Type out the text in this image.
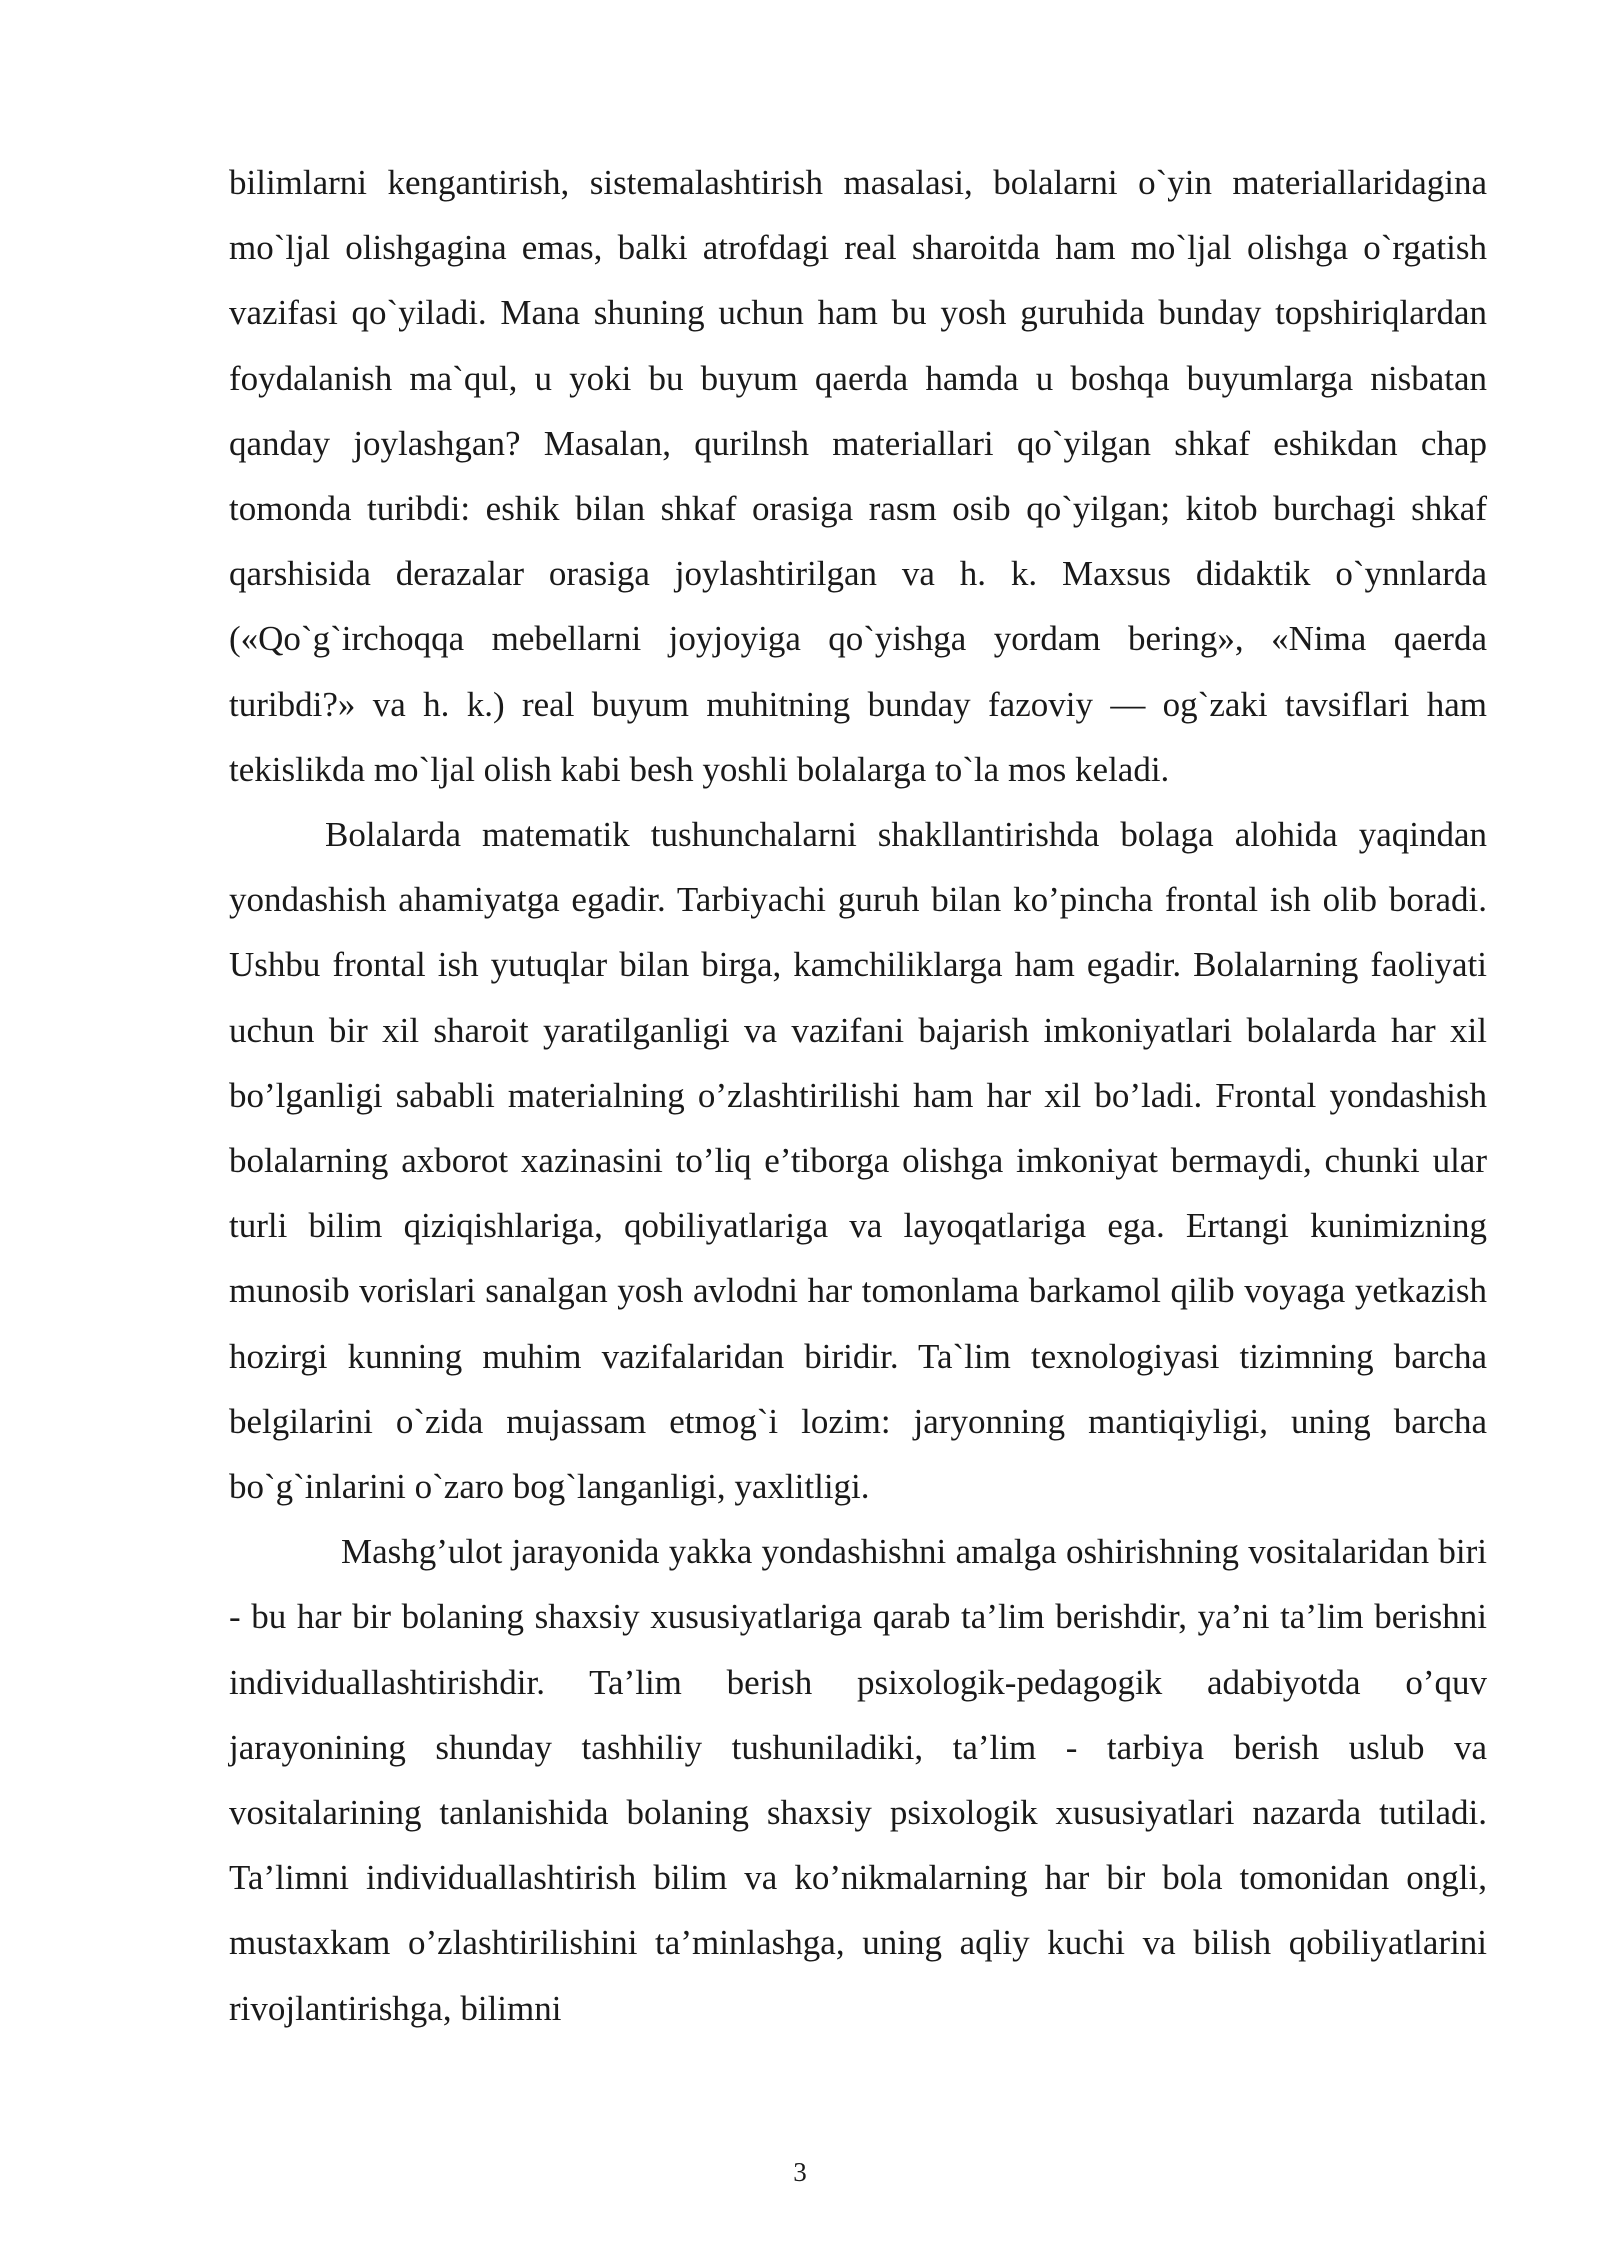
bilimlarni kengantirish, sistemalashtirish masalasi, bolalarni o`yin materiallaridagina mo`ljal olishgagina emas, balki atrofdagi real sharoitda ham mo`ljal olishga o`rgatish vazifasi qo`yiladi. Mana shuning uchun ham bu yosh guruhida bunday topshiriqlardan foydalanish ma`qul, u yoki bu buyum qaerda hamda u boshqa buyumlarga nisbatan qanday joylashgan? Masalan, qurilnsh materiallari qo`yilgan shkaf eshikdan chap tomonda turibdi: eshik bilan shkaf orasiga rasm osib qo`yilgan; kitob burchagi shkaf qarshisida derazalar orasiga joylashtirilgan va h. k. Maxsus didaktik o`ynnlarda («Qo`g`irchoqqa mebellarni joyjoyiga qo`yishga yordam bering», «Nima qaerda turibdi?» va h. k.) real buyum muhitning bunday fazoviy — og`zaki tavsiflari ham tekislikda mo`ljal olish kabi besh yoshli bolalarga to`la mos keladi.

Bolalarda matematik tushunchalarni shakllantirishda bolaga alohida yaqindan yondashish ahamiyatga egadir. Tarbiyachi guruh bilan ko’pincha frontal ish olib boradi. Ushbu frontal ish yutuqlar bilan birga, kamchiliklarga ham egadir. Bolalarning faoliyati uchun bir xil sharoit yaratilganligi va vazifani bajarish imkoniyatlari bolalarda har xil bo’lganligi sababli materialning o’zlashtirilishi ham har xil bo’ladi. Frontal yondashish bolalarning axborot xazinasini to’liq e’tiborga olishga imkoniyat bermaydi, chunki ular turli bilim qiziqishlariga, qobiliyatlariga va layoqatlariga ega. Ertangi kunimizning munosib vorislari sanalgan yosh avlodni har tomonlama barkamol qilib voyaga yetkazish hozirgi kunning muhim vazifalaridan biridir. Ta`lim texnologiyasi tizimning barcha belgilarini o`zida mujassam etmog`i lozim: jaryonning mantiqiyligi, uning barcha bo`g`inlarini o`zaro bog`langanligi, yaxlitligi.

Mashg’ulot jarayonida yakka yondashishni amalga oshirishning vositalaridan biri - bu har bir bolaning shaxsiy xususiyatlariga qarab ta’lim berishdir, ya’ni ta’lim berishni individuallashtirishdir. Ta’lim berish psixologik-pedagogik adabiyotda o’quv jarayonining shunday tashhiliy tushuniladiki, ta’lim - tarbiya berish uslub va vositalarining tanlanishida bolaning shaxsiy psixologik xususiyatlari nazarda tutiladi. Ta’limni individuallashtirish bilim va ko’nikmalarning har bir bola tomonidan ongli, mustaxkam o’zlashtirilishini ta’minlashga, uning aqliy kuchi va bilish qobiliyatlarini rivojlantirishga, bilimni

3
